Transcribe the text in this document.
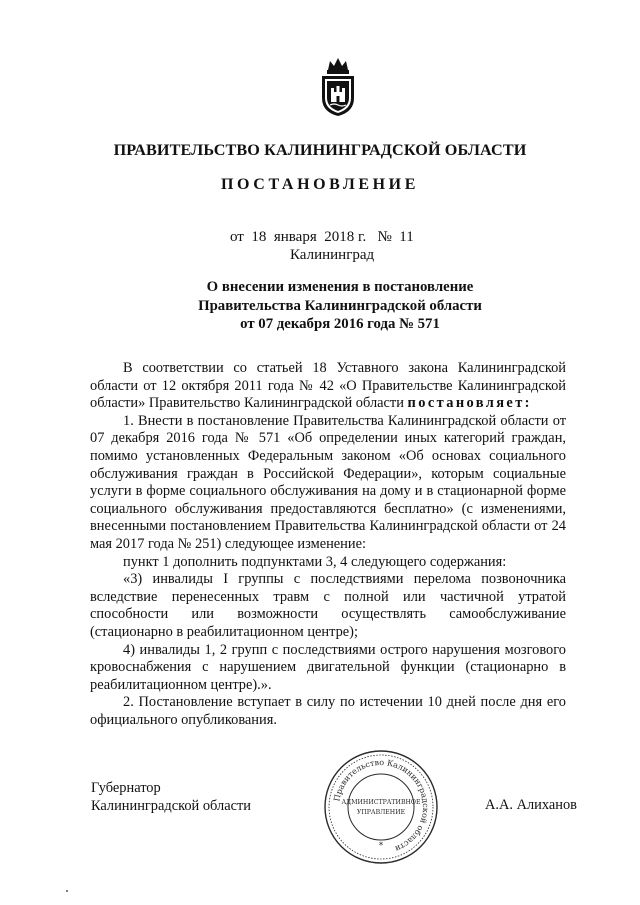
ПРАВИТЕЛЬСТВО КАЛИНИНГРАДСКОЙ ОБЛАСТИ
ПОСТАНОВЛЕНИЕ
от 18 января 2018 г. № 11
Калининград
О внесении изменения в постановление
Правительства Калининградской области
от 07 декабря 2016 года № 571

В соответствии со статьей 18 Уставного закона Калининградской области от 12 октября 2011 года № 42 «О Правительстве Калининградской области» Правительство Калининградской области постановляет:

1. Внести в постановление Правительства Калининградской области от 07 декабря 2016 года № 571 «Об определении иных категорий граждан, помимо установленных Федеральным законом «Об основах социального обслуживания граждан в Российской Федерации», которым социальные услуги в форме социального обслуживания на дому и в стационарной форме социального обслуживания предоставляются бесплатно» (с изменениями, внесенными постановлением Правительства Калининградской области от 24 мая 2017 года № 251) следующее изменение:

пункт 1 дополнить подпунктами 3, 4 следующего содержания:

«3) инвалиды I группы с последствиями перелома позвоночника вследствие перенесенных травм с полной или частичной утратой способности или возможности осуществлять самообслуживание (стационарно в реабилитационном центре);

4) инвалиды 1, 2 групп с последствиями острого нарушения мозгового кровоснабжения с нарушением двигательной функции (стационарно в реабилитационном центре).».

2. Постановление вступает в силу по истечении 10 дней после дня его официального опубликования.

Губернатор
Калининградской области	Правительство Калининградской области
АДМИНИСТРАТИВНОЕ
УПРАВЛЕНИЕ
*
А.А. Алиханов
